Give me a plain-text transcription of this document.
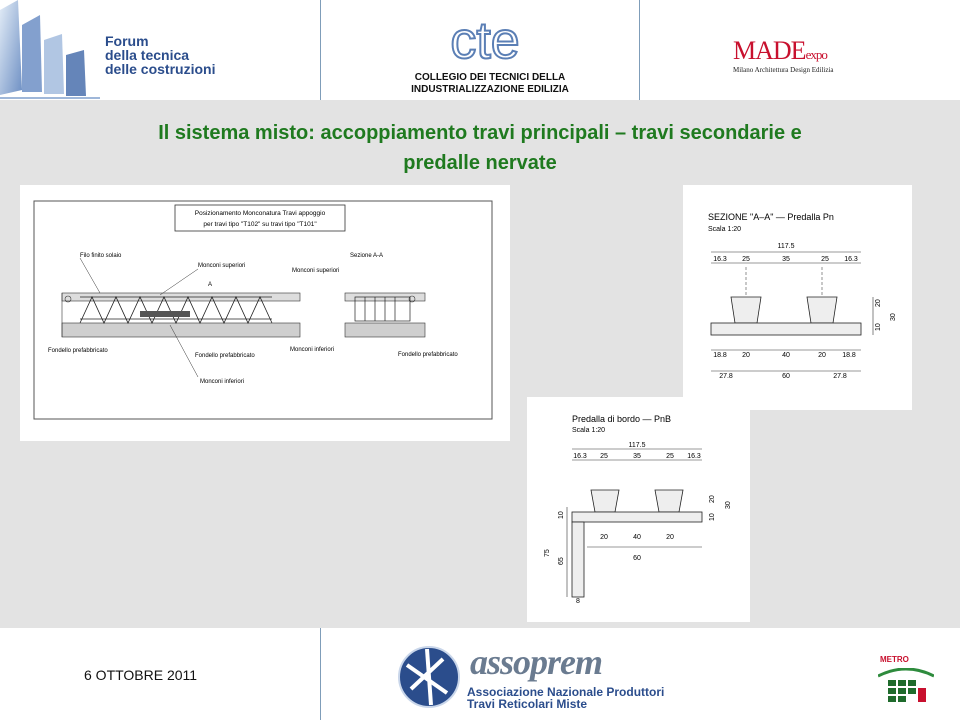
Forum
della tecnica
delle costruzioni	cte
COLLEGIO DEI TECNICI DELLA
INDUSTRIALIZZAZIONE EDILIZIA
MADEexpo
Milano Architettura Design Edilizia
Il sistema misto: accoppiamento travi principali – travi secondarie e
predalle nervate
Posizionamento Monconatura Travi appoggio
per travi tipo "T102" su travi tipo "T101"
Filo finito solaio
Monconi superiori
A
Fondello prefabbricato
Fondello prefabbricato
Monconi inferiori
Sezione A-A
Monconi superiori
Monconi inferiori
Fondello prefabbricato
SEZIONE "A–A" — Predalla Pn
Scala 1:20
117.5
16.3 25	35	25 16.3
18.8 20	40	20 18.8
27.8	60	27.8
20
10
30
Predalla di bordo — PnB
Scala 1:20
117.5
16.3 25	35	25 16.3
20	40	20
60
20
10
30
10
75
65
8
6 OTTOBRE 2011	assoprem
Associazione Nazionale Produttori
Travi Reticolari Miste
METRO
